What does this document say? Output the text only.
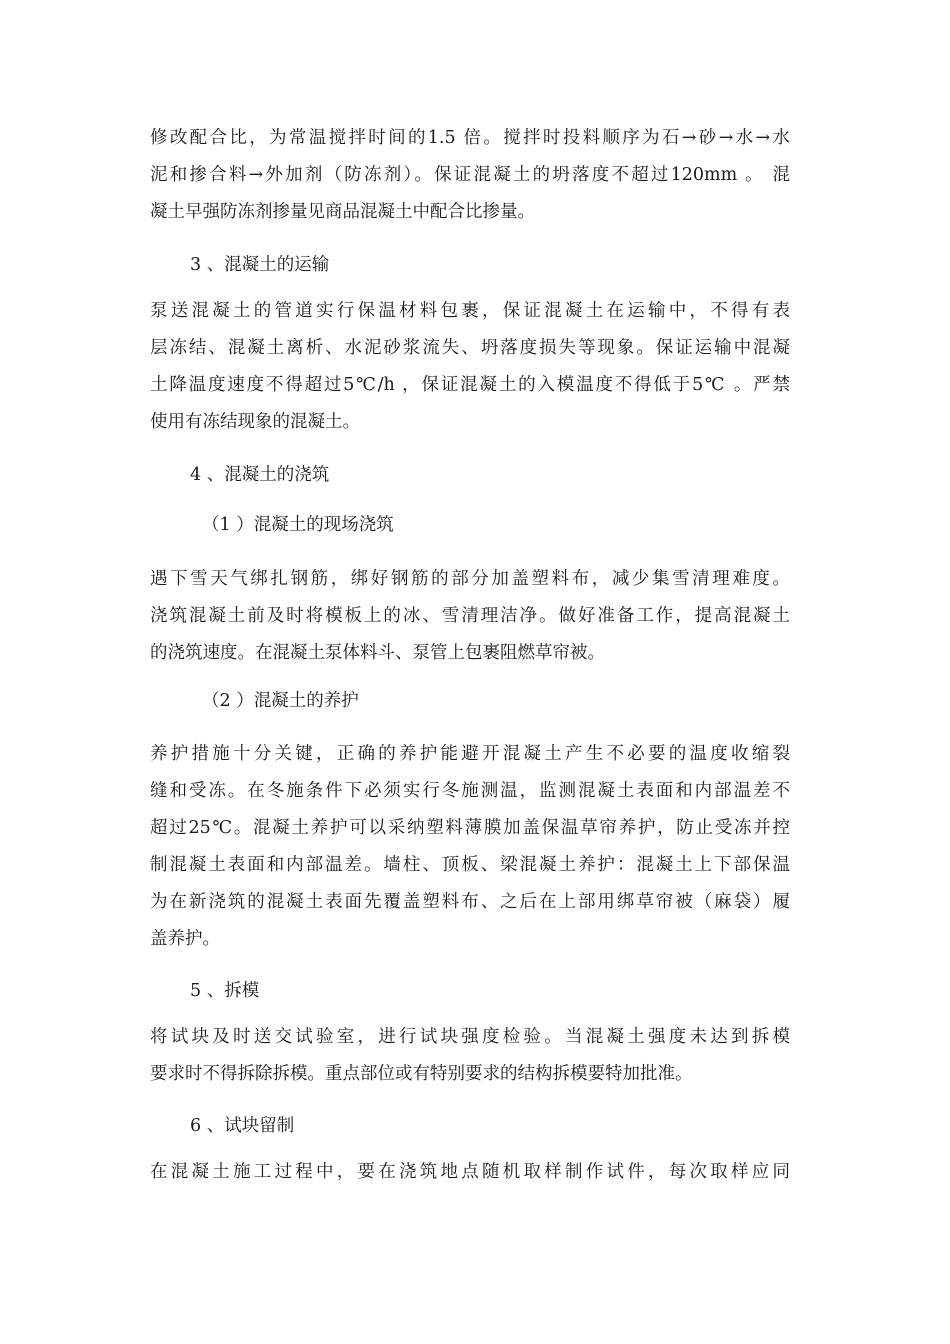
修改配合比，为常温搅拌时间的1.5 倍。搅拌时投料顺序为石→砂→水→水
泥和掺合料→外加剂（防冻剂）。保证混凝土的坍落度不超过120mm 。 混
凝土早强防冻剂掺量见商品混凝土中配合比掺量。
3 、混凝土的运输
泵送混凝土的管道实行保温材料包裹，保证混凝土在运输中，不得有表
层冻结、混凝土离析、水泥砂浆流失、坍落度损失等现象。保证运输中混凝
土降温度速度不得超过5℃/h ，保证混凝土的入模温度不得低于5℃ 。严禁
使用有冻结现象的混凝土。
4 、混凝土的浇筑
（1 ）混凝土的现场浇筑
遇下雪天气绑扎钢筋，绑好钢筋的部分加盖塑料布，减少集雪清理难度。
浇筑混凝土前及时将模板上的冰、雪清理洁净。做好准备工作，提高混凝土
的浇筑速度。在混凝土泵体料斗、泵管上包裹阻燃草帘被。
（2 ）混凝土的养护
养护措施十分关键，正确的养护能避开混凝土产生不必要的温度收缩裂
缝和受冻。在冬施条件下必须实行冬施测温，监测混凝土表面和内部温差不
超过25℃。混凝土养护可以采纳塑料薄膜加盖保温草帘养护，防止受冻并控
制混凝土表面和内部温差。墙柱、顶板、梁混凝土养护：混凝土上下部保温
为在新浇筑的混凝土表面先覆盖塑料布、之后在上部用绑草帘被（麻袋）履
盖养护。
5 、拆模
将试块及时送交试验室，进行试块强度检验。当混凝土强度未达到拆模
要求时不得拆除拆模。重点部位或有特别要求的结构拆模要特加批准。
6 、试块留制
在混凝土施工过程中，要在浇筑地点随机取样制作试件，每次取样应同
